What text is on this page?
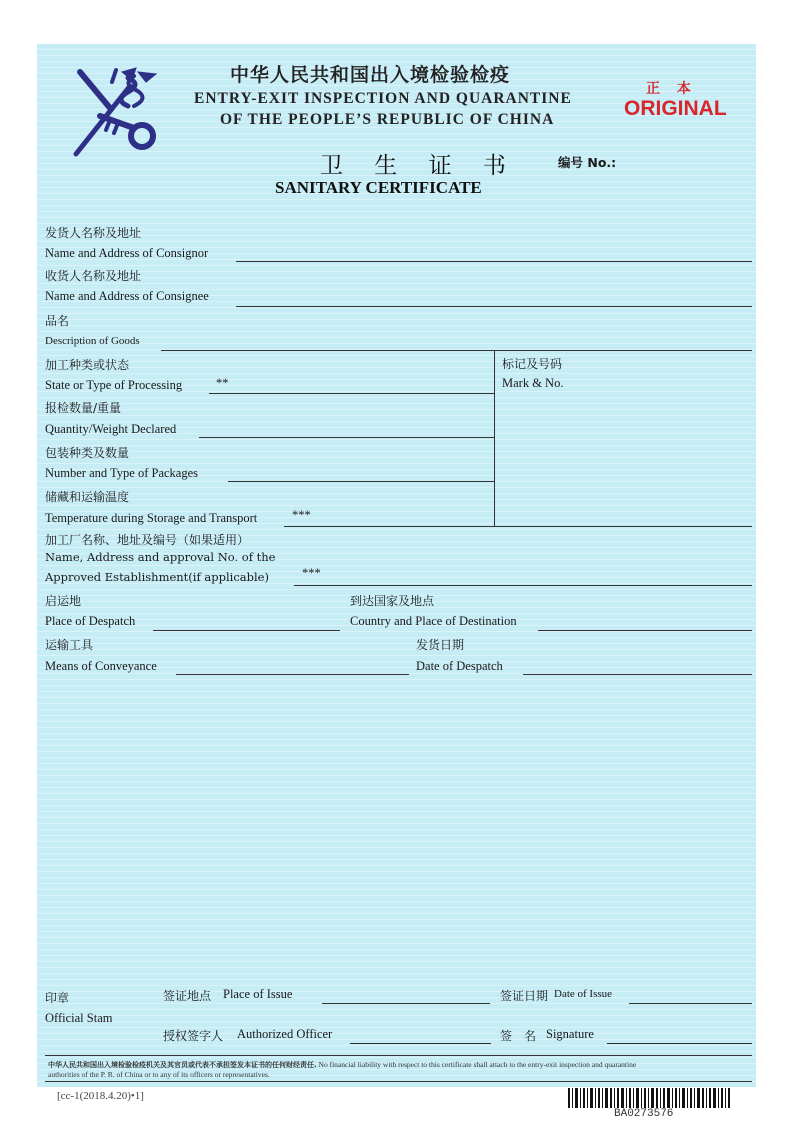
中华人民共和国出入境检验检疫
ENTRY-EXIT INSPECTION AND QUARANTINE
OF THE PEOPLE’S REPUBLIC OF CHINA
正 本
ORIGINAL
卫 生 证 书
SANITARY CERTIFICATE
编号 No.:
发货人名称及地址
Name and Address of Consignor
收货人名称及地址
Name and Address of Consignee
品名
Description of Goods
加工种类或状态
State or Type of Processing	**
标记及号码
Mark & No.
报检数量/重量
Quantity/Weight Declared
包装种类及数量
Number and Type of Packages
储藏和运输温度
Temperature during Storage and Transport	***
加工厂名称、地址及编号（如果适用）
Name, Address and approval No. of the
Approved Establishment(if applicable)	***
启运地
Place of Despatch
到达国家及地点
Country and Place of Destination
运输工具
Means of Conveyance
发货日期
Date of Despatch
印章
Official Stam
签证地点 Place of Issue	签证日期 Date of Issue
授权签字人 Authorized Officer	签　名 Signature
中华人民共和国出入境检验检疫机关及其官员或代表不承担签发本证书的任何财经责任. No financial liability with respect to this certificate shall attach to the entry-exit inspection and quarantine
authorities of the P. R. of China or to any of its officers or representatives.
[cc-1(2018.4.20)•1]
BA0273576
